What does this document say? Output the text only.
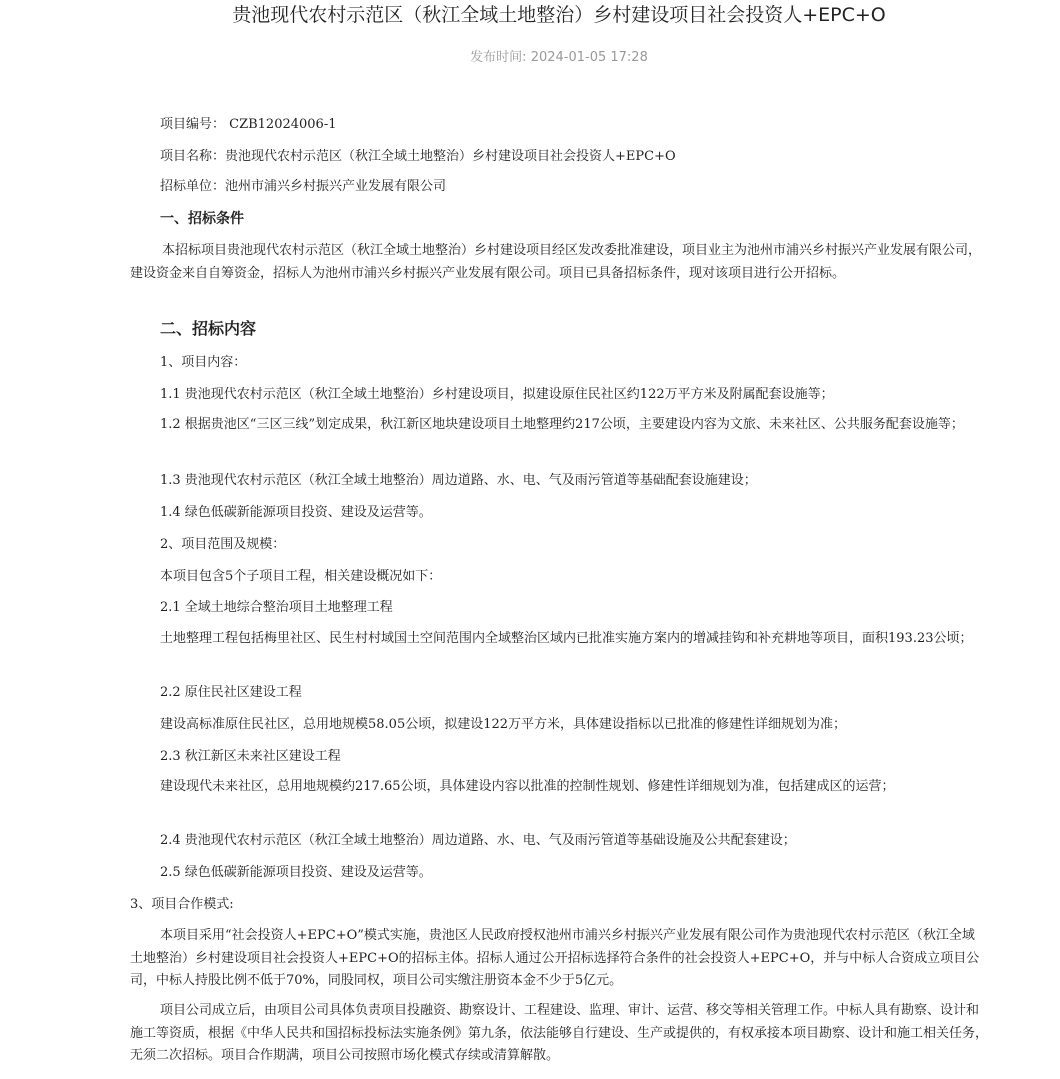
贵池现代农村示范区（秋江全域土地整治）乡村建设项目社会投资人+EPC+O
发布时间: 2024-01-05 17:28
项目编号： CZB12024006-1
项目名称：贵池现代农村示范区（秋江全域土地整治）乡村建设项目社会投资人+EPC+O
招标单位：池州市浦兴乡村振兴产业发展有限公司
一、招标条件
本招标项目贵池现代农村示范区（秋江全域土地整治）乡村建设项目经区发改委批准建设，项目业主为池州市浦兴乡村振兴产业发展有限公司，建设资金来自自筹资金，招标人为池州市浦兴乡村振兴产业发展有限公司。项目已具备招标条件，现对该项目进行公开招标。
二、招标内容
1、项目内容：
1.1 贵池现代农村示范区（秋江全域土地整治）乡村建设项目，拟建设原住民社区约122万平方米及附属配套设施等；
1.2 根据贵池区“三区三线”划定成果，秋江新区地块建设项目土地整理约217公顷，主要建设内容为文旅、未来社区、公共服务配套设施等；
1.3 贵池现代农村示范区（秋江全域土地整治）周边道路、水、电、气及雨污管道等基础配套设施建设；
1.4 绿色低碳新能源项目投资、建设及运营等。
2、项目范围及规模：
本项目包含5个子项目工程，相关建设概况如下：
2.1 全域土地综合整治项目土地整理工程
土地整理工程包括梅里社区、民生村村域国土空间范围内全域整治区域内已批准实施方案内的增减挂钩和补充耕地等项目，面积193.23公顷；
2.2 原住民社区建设工程
建设高标准原住民社区，总用地规模58.05公顷，拟建设122万平方米，具体建设指标以已批准的修建性详细规划为准；
2.3 秋江新区未来社区建设工程
建设现代未来社区，总用地规模约217.65公顷，具体建设内容以批准的控制性规划、修建性详细规划为准，包括建成区的运营；
2.4 贵池现代农村示范区（秋江全域土地整治）周边道路、水、电、气及雨污管道等基础设施及公共配套建设；
2.5 绿色低碳新能源项目投资、建设及运营等。
3、项目合作模式:
本项目采用“社会投资人+EPC+O”模式实施，贵池区人民政府授权池州市浦兴乡村振兴产业发展有限公司作为贵池现代农村示范区（秋江全域土地整治）乡村建设项目社会投资人+EPC+O的招标主体。招标人通过公开招标选择符合条件的社会投资人+EPC+O，并与中标人合资成立项目公司，中标人持股比例不低于70%，同股同权，项目公司实缴注册资本金不少于5亿元。
项目公司成立后，由项目公司具体负责项目投融资、勘察设计、工程建设、监理、审计、运营、移交等相关管理工作。中标人具有勘察、设计和施工等资质，根据《中华人民共和国招标投标法实施条例》第九条，依法能够自行建设、生产或提供的，有权承接本项目勘察、设计和施工相关任务，无须二次招标。项目合作期满，项目公司按照市场化模式存续或清算解散。
